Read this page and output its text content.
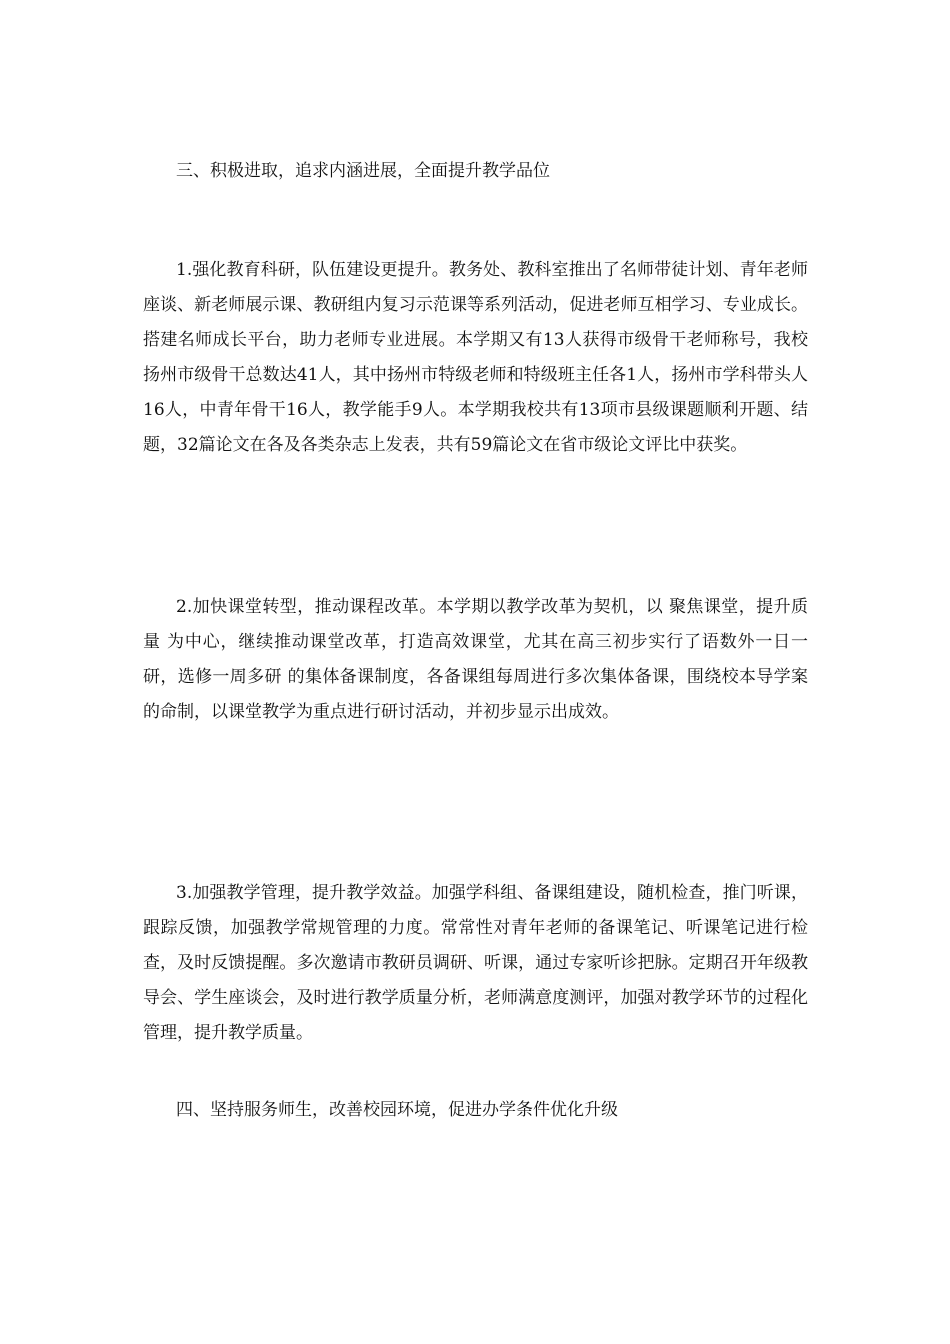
三、积极进取，追求内涵进展，全面提升教学品位

1.强化教育科研，队伍建设更提升。教务处、教科室推出了名师带徒计划、青年老师座谈、新老师展示课、教研组内复习示范课等系列活动，促进老师互相学习、专业成长。搭建名师成长平台，助力老师专业进展。本学期又有13人获得市级骨干老师称号，我校扬州市级骨干总数达41人，其中扬州市特级老师和特级班主任各1人，扬州市学科带头人16人，中青年骨干16人，教学能手9人。本学期我校共有13项市县级课题顺利开题、结题，32篇论文在各及各类杂志上发表，共有59篇论文在省市级论文评比中获奖。

2.加快课堂转型，推动课程改革。本学期以教学改革为契机，以 聚焦课堂，提升质量 为中心，继续推动课堂改革，打造高效课堂，尤其在高三初步实行了语数外一日一研，选修一周多研 的集体备课制度，各备课组每周进行多次集体备课，围绕校本导学案的命制，以课堂教学为重点进行研讨活动，并初步显示出成效。

3.加强教学管理，提升教学效益。加强学科组、备课组建设，随机检查，推门听课，跟踪反馈，加强教学常规管理的力度。常常性对青年老师的备课笔记、听课笔记进行检查，及时反馈提醒。多次邀请市教研员调研、听课，通过专家听诊把脉。定期召开年级教导会、学生座谈会，及时进行教学质量分析，老师满意度测评，加强对教学环节的过程化管理，提升教学质量。

四、坚持服务师生，改善校园环境，促进办学条件优化升级
